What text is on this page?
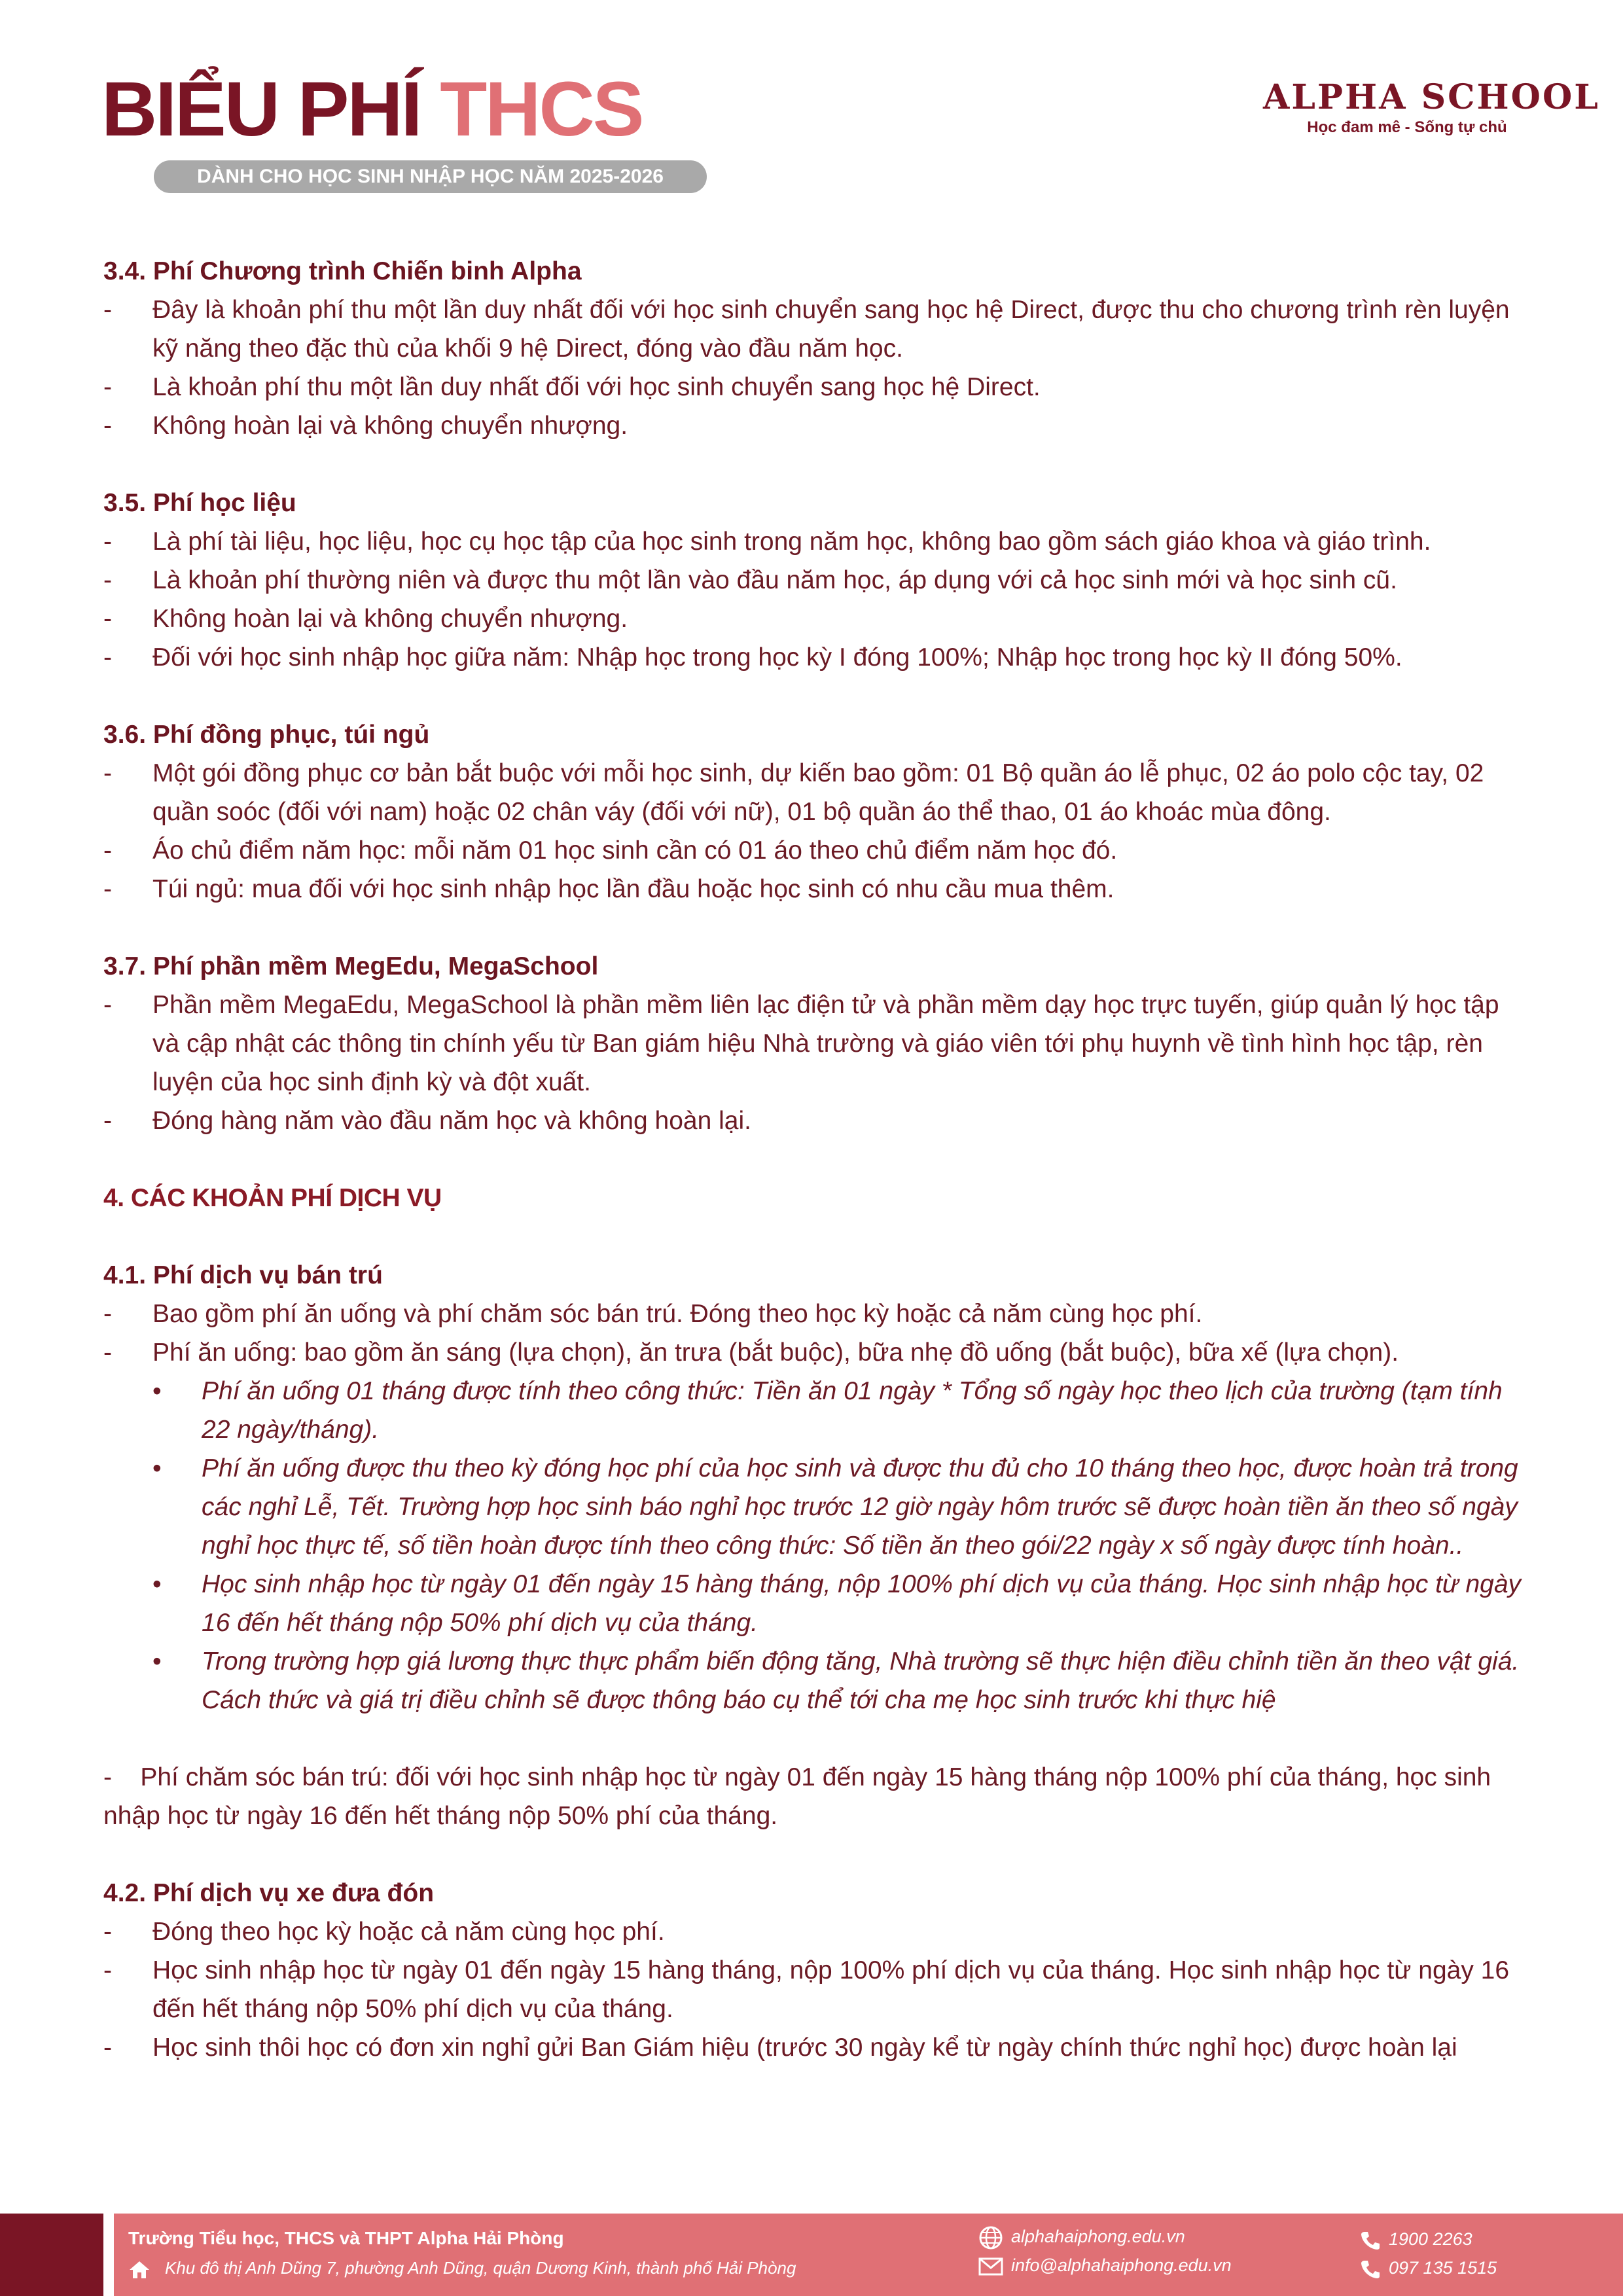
BIỂU PHÍ THCS
DÀNH CHO HỌC SINH NHẬP HỌC NĂM 2025-2026
ALPHA SCHOOL
Học đam mê - Sống tự chủ

3.4. Phí Chương trình Chiến binh Alpha

- Đây là khoản phí thu một lần duy nhất đối với học sinh chuyển sang học hệ Direct, được thu cho chương trình rèn luyện kỹ năng theo đặc thù của khối 9 hệ Direct, đóng vào đầu năm học.

- Là khoản phí thu một lần duy nhất đối với học sinh chuyển sang học hệ Direct.

- Không hoàn lại và không chuyển nhượng.

3.5. Phí học liệu

- Là phí tài liệu, học liệu, học cụ học tập của học sinh trong năm học, không bao gồm sách giáo khoa và giáo trình.

- Là khoản phí thường niên và được thu một lần vào đầu năm học, áp dụng với cả học sinh mới và học sinh cũ.

- Không hoàn lại và không chuyển nhượng.

- Đối với học sinh nhập học giữa năm: Nhập học trong học kỳ I đóng 100%; Nhập học trong học kỳ II đóng 50%.

3.6. Phí đồng phục, túi ngủ

- Một gói đồng phục cơ bản bắt buộc với mỗi học sinh, dự kiến bao gồm: 01 Bộ quần áo lễ phục, 02 áo polo cộc tay, 02 quần soóc (đối với nam) hoặc 02 chân váy (đối với nữ), 01 bộ quần áo thể thao, 01 áo khoác mùa đông.

- Áo chủ điểm năm học: mỗi năm 01 học sinh cần có 01 áo theo chủ điểm năm học đó.

- Túi ngủ: mua đối với học sinh nhập học lần đầu hoặc học sinh có nhu cầu mua thêm.

3.7. Phí phần mềm MegEdu, MegaSchool

- Phần mềm MegaEdu, MegaSchool là phần mềm liên lạc điện tử và phần mềm dạy học trực tuyến, giúp quản lý học tập và cập nhật các thông tin chính yếu từ Ban giám hiệu Nhà trường và giáo viên tới phụ huynh về tình hình học tập, rèn luyện của học sinh định kỳ và đột xuất.

- Đóng hàng năm vào đầu năm học và không hoàn lại.

4. CÁC KHOẢN PHÍ DỊCH VỤ

4.1. Phí dịch vụ bán trú

- Bao gồm phí ăn uống và phí chăm sóc bán trú. Đóng theo học kỳ hoặc cả năm cùng học phí.

- Phí ăn uống: bao gồm ăn sáng (lựa chọn), ăn trưa (bắt buộc), bữa nhẹ đồ uống (bắt buộc), bữa xế (lựa chọn).

• Phí ăn uống 01 tháng được tính theo công thức: Tiền ăn 01 ngày * Tổng số ngày học theo lịch của trường (tạm tính 22 ngày/tháng).

• Phí ăn uống được thu theo kỳ đóng học phí của học sinh và được thu đủ cho 10 tháng theo học, được hoàn trả trong các nghỉ Lễ, Tết. Trường hợp học sinh báo nghỉ học trước 12 giờ ngày hôm trước sẽ được hoàn tiền ăn theo số ngày nghỉ học thực tế, số tiền hoàn được tính theo công thức: Số tiền ăn theo gói/22 ngày x số ngày được tính hoàn..

• Học sinh nhập học từ ngày 01 đến ngày 15 hàng tháng, nộp 100% phí dịch vụ của tháng. Học sinh nhập học từ ngày 16 đến hết tháng nộp 50% phí dịch vụ của tháng.

• Trong trường hợp giá lương thực thực phẩm biến động tăng, Nhà trường sẽ thực hiện điều chỉnh tiền ăn theo vật giá. Cách thức và giá trị điều chỉnh sẽ được thông báo cụ thể tới cha mẹ học sinh trước khi thực hiệ

- Phí chăm sóc bán trú: đối với học sinh nhập học từ ngày 01 đến ngày 15 hàng tháng nộp 100% phí của tháng, học sinh nhập học từ ngày 16 đến hết tháng nộp 50% phí của tháng.

4.2. Phí dịch vụ xe đưa đón

- Đóng theo học kỳ hoặc cả năm cùng học phí.

- Học sinh nhập học từ ngày 01 đến ngày 15 hàng tháng, nộp 100% phí dịch vụ của tháng. Học sinh nhập học từ ngày 16 đến hết tháng nộp 50% phí dịch vụ của tháng.

- Học sinh thôi học có đơn xin nghỉ gửi Ban Giám hiệu (trước 30 ngày kể từ ngày chính thức nghỉ học) được hoàn lại

Trường Tiểu học, THCS và THPT Alpha Hải Phòng
Khu đô thị Anh Dũng 7, phường Anh Dũng, quận Dương Kinh, thành phố Hải Phòng
alphahaiphong.edu.vn
info@alphahaiphong.edu.vn
1900 2263
097 135 1515
